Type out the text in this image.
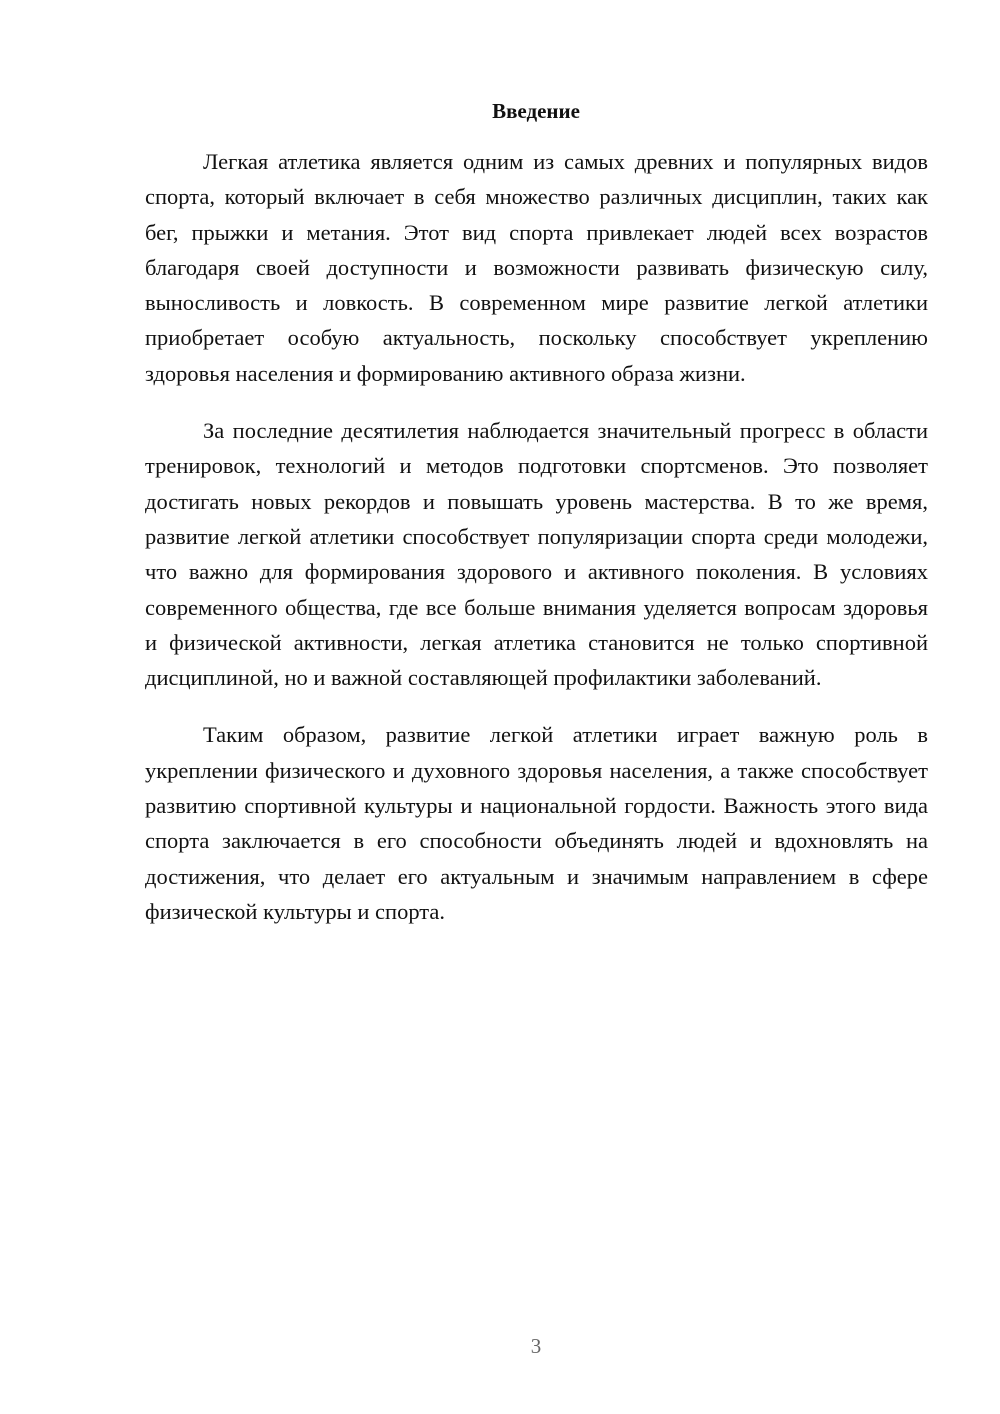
Введение

Легкая атлетика является одним из самых древних и популярных видов спорта, который включает в себя множество различных дисциплин, таких как бег, прыжки и метания. Этот вид спорта привлекает людей всех возрастов благодаря своей доступности и возможности развивать физическую силу, выносливость и ловкость. В современном мире развитие легкой атлетики приобретает особую актуальность, поскольку способствует укреплению здоровья населения и формированию активного образа жизни.

За последние десятилетия наблюдается значительный прогресс в области тренировок, технологий и методов подготовки спортсменов. Это позволяет достигать новых рекордов и повышать уровень мастерства. В то же время, развитие легкой атлетики способствует популяризации спорта среди молодежи, что важно для формирования здорового и активного поколения. В условиях современного общества, где все больше внимания уделяется вопросам здоровья и физической активности, легкая атлетика становится не только спортивной дисциплиной, но и важной составляющей профилактики заболеваний.

Таким образом, развитие легкой атлетики играет важную роль в укреплении физического и духовного здоровья населения, а также способствует развитию спортивной культуры и национальной гордости. Важность этого вида спорта заключается в его способности объединять людей и вдохновлять на достижения, что делает его актуальным и значимым направлением в сфере физической культуры и спорта.

3
